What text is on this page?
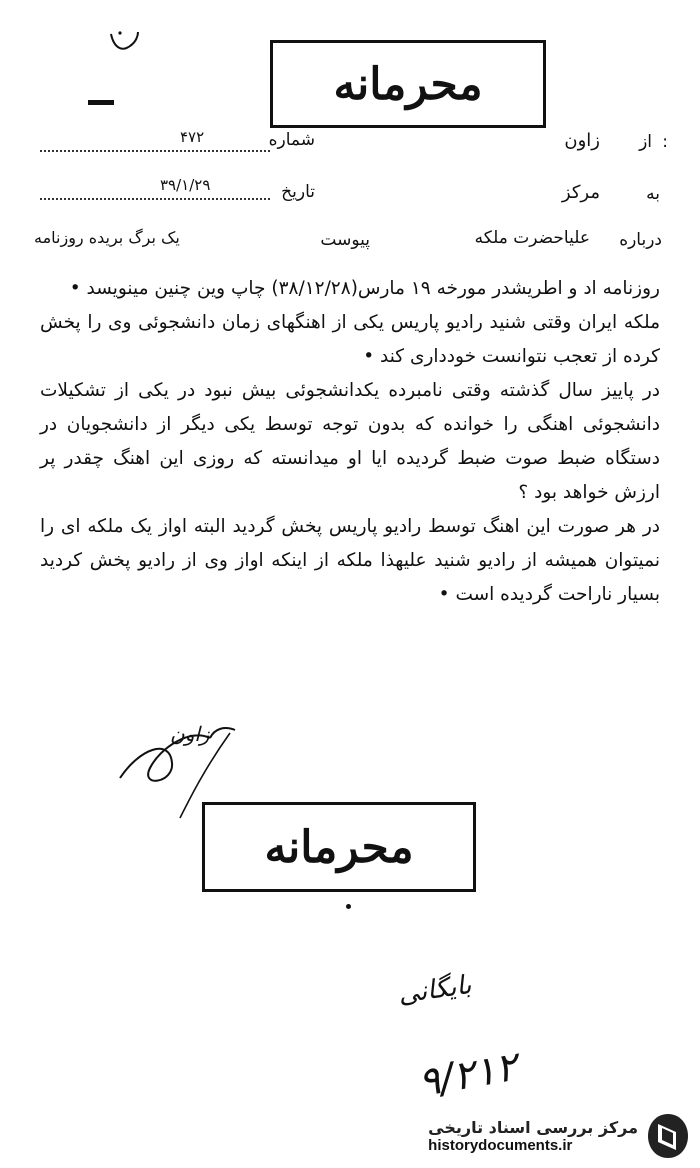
محرمانه
از :
زاون
شماره
۴۷۲
به
مرکز
تاریخ
۳۹/۱/۲۹
درباره
علیاحضرت ملکه
پیوست
یک برگ بریده روزنامه

روزنامه اد و اطریشدر مورخه ۱۹ مارس(۳۸/۱۲/۲۸) چاپ وین چنین مینویسد •

ملکه ایران وقتی شنید رادیو پاریس یکی از اهنگهای زمان دانشجوئی وی را پخش کرده از تعجب نتوانست خودداری کند •

در پاییز سال گذشته وقتی نامبرده یکدانشجوئی بیش نبود در یکی از تشکیلات دانشجوئی اهنگی را خوانده که بدون توجه توسط یکی دیگر از دانشجویان در دستگاه ضبط صوت ضبط گردیده ایا او میدانسته که روزی این اهنگ چقدر پر ارزش خواهد بود ؟

در هر صورت این اهنگ توسط رادیو پاریس پخش گردید البته اواز یک ملکه ای را نمیتوان همیشه از رادیو شنید علیهذا ملکه از اینکه اواز وی از رادیو پخش کردید بسیار ناراحت گردیده است •

زاون
محرمانه
بایگانی
۹/۲۱۲
مرکز بررسی اسناد تاریخی
historydocuments.ir
